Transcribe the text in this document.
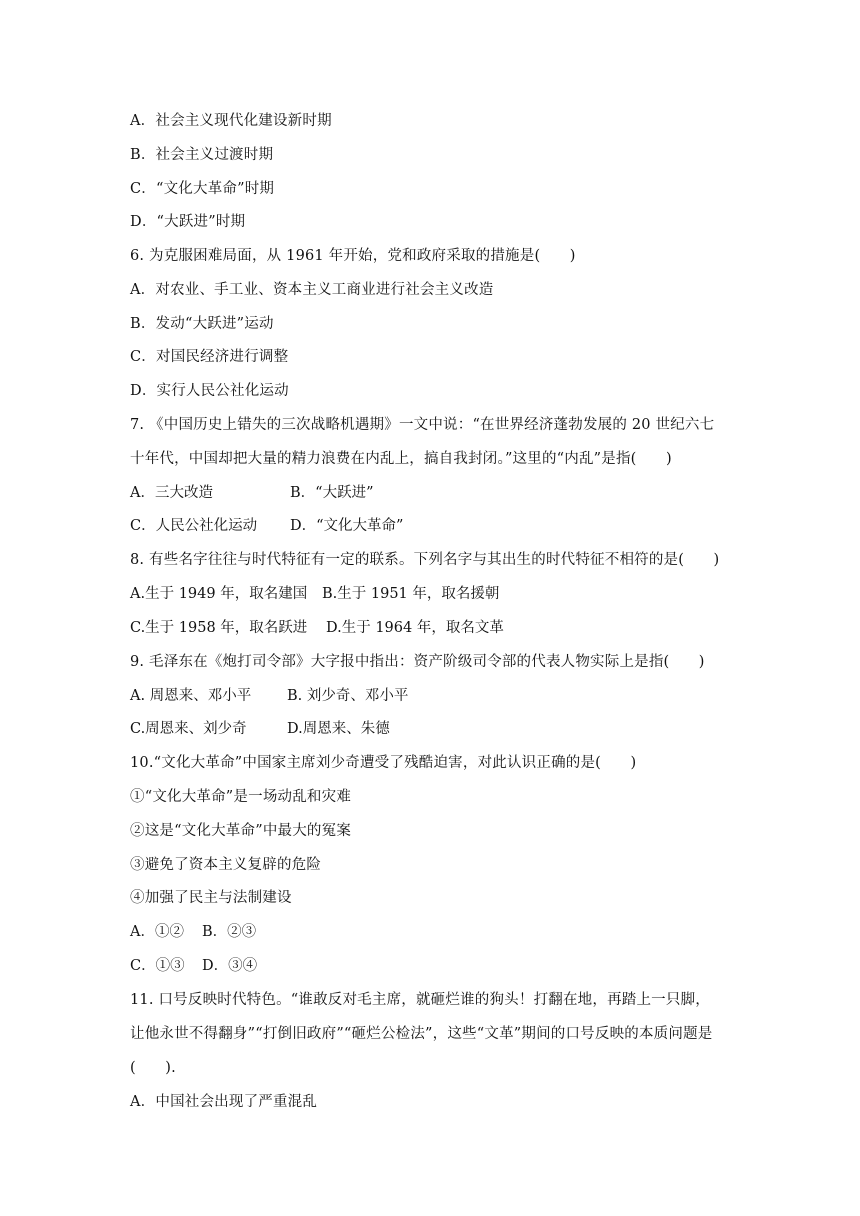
A．社会主义现代化建设新时期
B．社会主义过渡时期
C．“文化大革命”时期
D．“大跃进”时期
6. 为克服困难局面，从 1961 年开始，党和政府采取的措施是(　　)
A．对农业、手工业、资本主义工商业进行社会主义改造
B．发动“大跃进”运动
C．对国民经济进行调整
D．实行人民公社化运动
7. 《中国历史上错失的三次战略机遇期》一文中说：“在世界经济蓬勃发展的 20 世纪六七
十年代，中国却把大量的精力浪费在内乱上，搞自我封闭。”这里的“内乱”是指(　　)
A．三大改造	B．“大跃进”
C．人民公社化运动 D．“文化大革命”
8. 有些名字往往与时代特征有一定的联系。下列名字与其出生的时代特征不相符的是(　　)
A.生于 1949 年，取名建国 B.生于 1951 年，取名援朝
C.生于 1958 年，取名跃进 D.生于 1964 年，取名文革
9. 毛泽东在《炮打司令部》大字报中指出：资产阶级司令部的代表人物实际上是指(　　)
A. 周恩来、邓小平 B. 刘少奇、邓小平
C.周恩来、刘少奇	D.周恩来、朱德
10.“文化大革命”中国家主席刘少奇遭受了残酷迫害，对此认识正确的是(　　)
①“文化大革命”是一场动乱和灾难
②这是“文化大革命”中最大的冤案
③避免了资本主义复辟的危险
④加强了民主与法制建设
A．①② B．②③
C．①③ D．③④
11. 口号反映时代特色。“谁敢反对毛主席，就砸烂谁的狗头！打翻在地，再踏上一只脚，
让他永世不得翻身”“打倒旧政府”“砸烂公检法”，这些“文革”期间的口号反映的本质问题是
(　　).
A．中国社会出现了严重混乱
